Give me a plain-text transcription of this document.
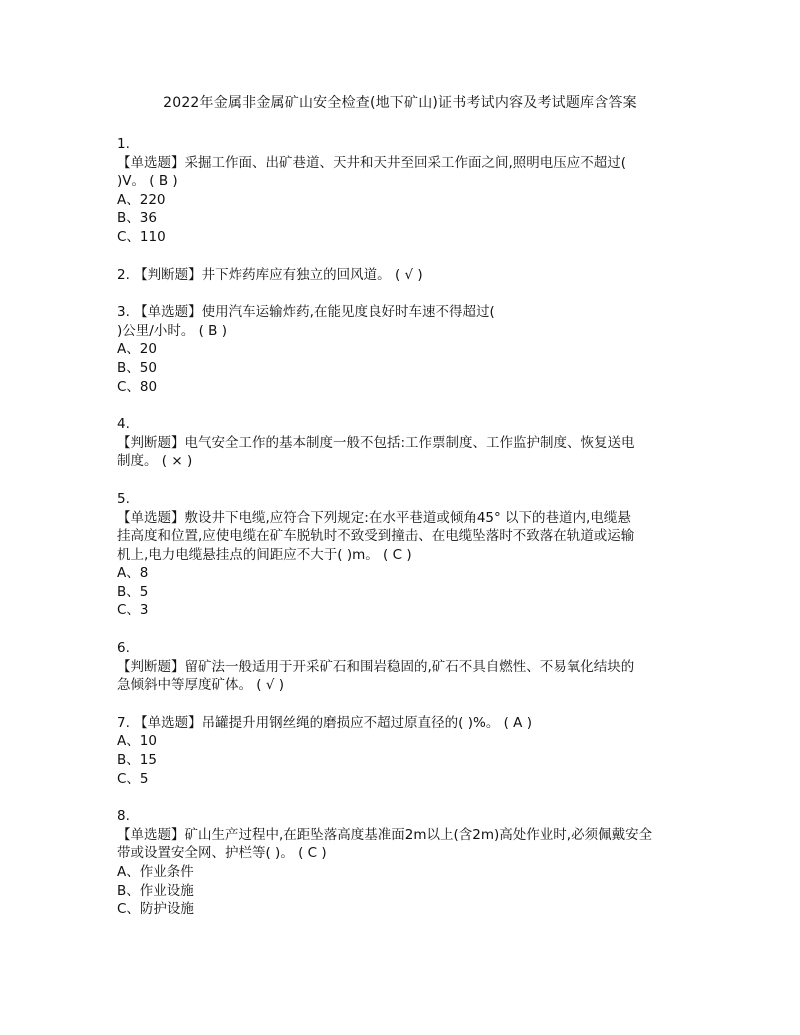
2022年金属非金属矿山安全检查(地下矿山)证书考试内容及考试题库含答案
1.
【单选题】采掘工作面、出矿巷道、天井和天井至回采工作面之间,照明电压应不超过(
)V。 ( B )
A、220
B、36
C、110
2. 【判断题】井下炸药库应有独立的回风道。 ( √ )
3. 【单选题】使用汽车运输炸药,在能见度良好时车速不得超过(
)公里/小时。 ( B )
A、20
B、50
C、80
4.
【判断题】电气安全工作的基本制度一般不包括:工作票制度、工作监护制度、恢复送电
制度。 ( × )
5.
【单选题】敷设井下电缆,应符合下列规定:在水平巷道或倾角45° 以下的巷道内,电缆悬
挂高度和位置,应使电缆在矿车脱轨时不致受到撞击、在电缆坠落时不致落在轨道或运输
机上,电力电缆悬挂点的间距应不大于( )m。 ( C )
A、8
B、5
C、3
6.
【判断题】留矿法一般适用于开采矿石和围岩稳固的,矿石不具自燃性、不易氧化结块的
急倾斜中等厚度矿体。 ( √ )
7. 【单选题】吊罐提升用钢丝绳的磨损应不超过原直径的( )%。 ( A )
A、10
B、15
C、5
8.
【单选题】矿山生产过程中,在距坠落高度基准面2m以上(含2m)高处作业时,必须佩戴安全
带或设置安全网、护栏等( )。 ( C )
A、作业条件
B、作业设施
C、防护设施
